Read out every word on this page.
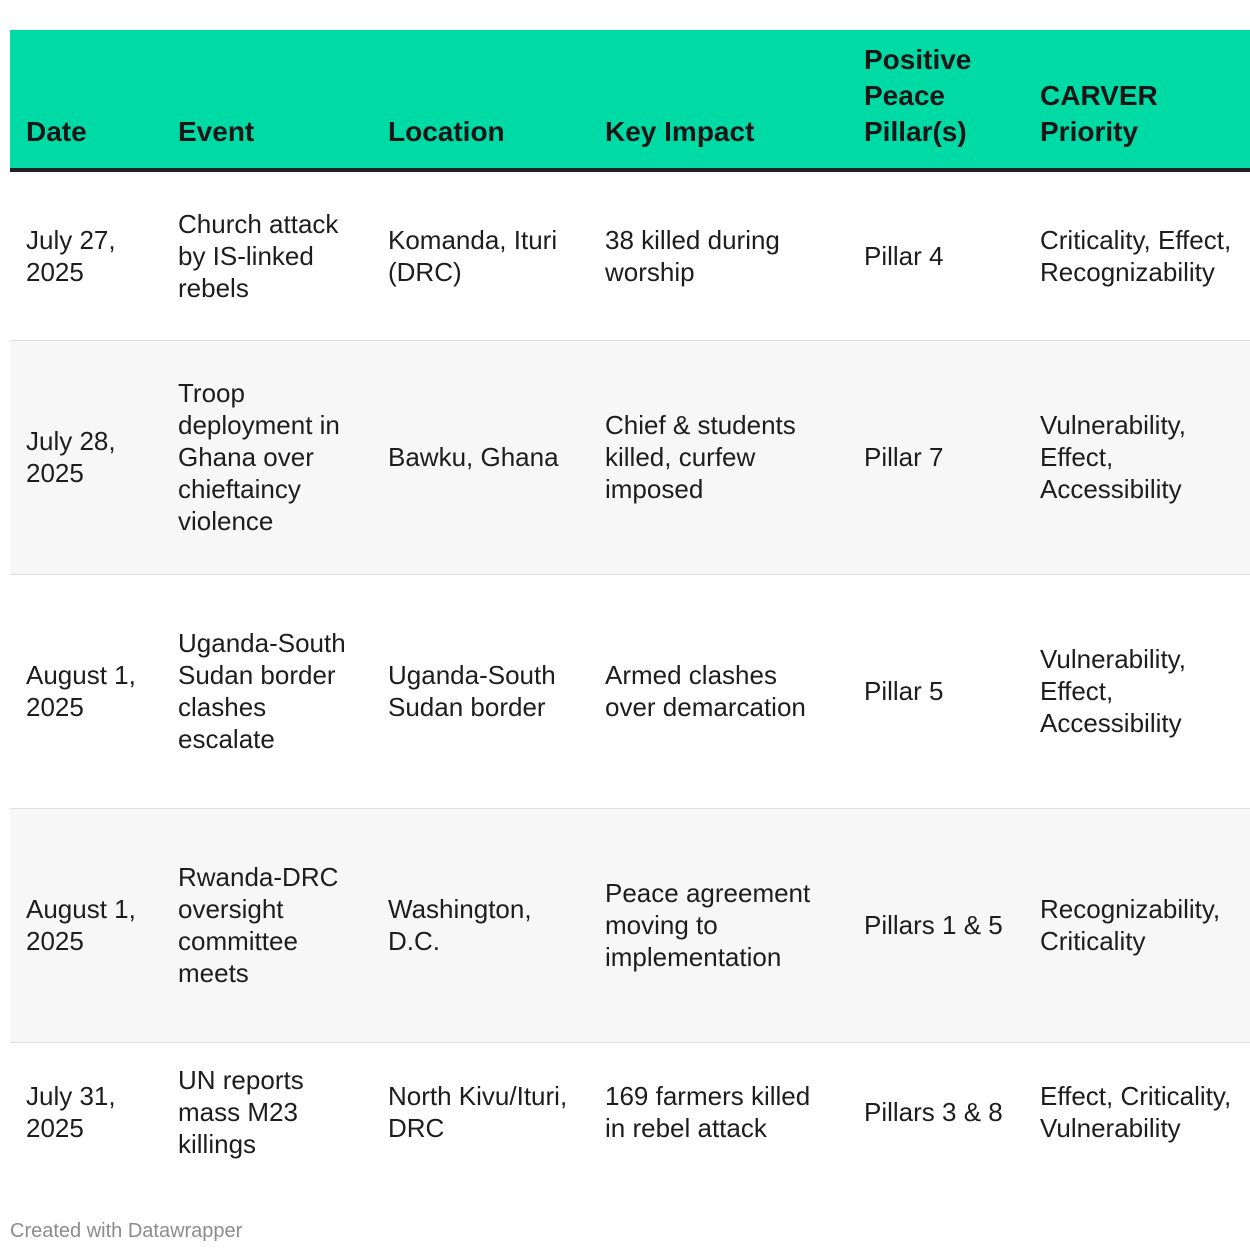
Date	Event	Location	Key Impact	Positive Peace Pillar(s)	CARVER Priority
July 27, 2025	Church attack by IS-linked rebels	Komanda, Ituri (DRC)	38 killed during worship	Pillar 4	Criticality, Effect, Recognizability
July 28, 2025	Troop deployment in Ghana over chieftaincy violence	Bawku, Ghana	Chief & students killed, curfew imposed	Pillar 7	Vulnerability, Effect, Accessibility
August 1, 2025	Uganda-South Sudan border clashes escalate	Uganda-South Sudan border	Armed clashes over demarcation	Pillar 5	Vulnerability, Effect, Accessibility
August 1, 2025	Rwanda-DRC oversight committee meets	Washington, D.C.	Peace agreement moving to implementation	Pillars 1 & 5	Recognizability, Criticality
July 31, 2025	UN reports mass M23 killings	North Kivu/Ituri, DRC	169 farmers killed in rebel attack	Pillars 3 & 8	Effect, Criticality, Vulnerability
Created with Datawrapper
